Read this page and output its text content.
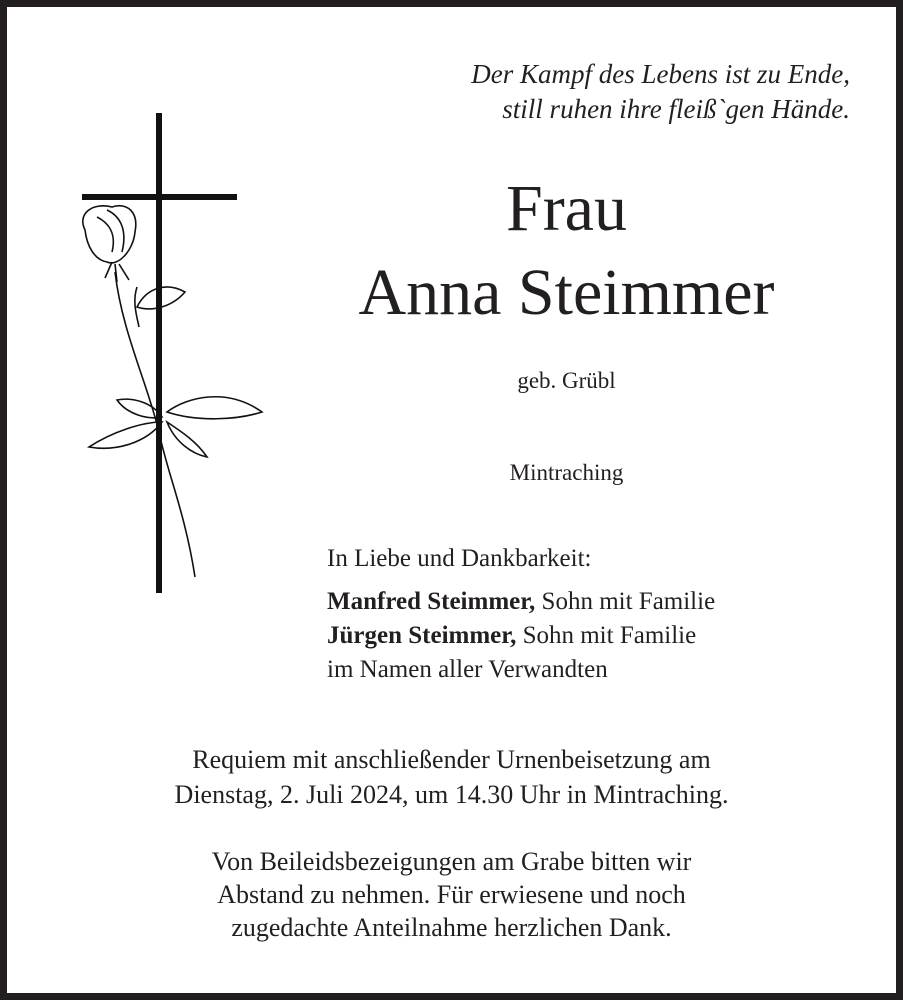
Der Kampf des Lebens ist zu Ende,
still ruhen ihre fleiß`gen Hände.
Frau
Anna Steimmer
geb. Grübl
Mintraching
In Liebe und Dankbarkeit:
Manfred Steimmer, Sohn mit Familie
Jürgen Steimmer, Sohn mit Familie
im Namen aller Verwandten
Requiem mit anschließender Urnenbeisetzung am
Dienstag, 2. Juli 2024, um 14.30 Uhr in Mintraching.
Von Beileidsbezeigungen am Grabe bitten wir
Abstand zu nehmen. Für erwiesene und noch
zugedachte Anteilnahme herzlichen Dank.
